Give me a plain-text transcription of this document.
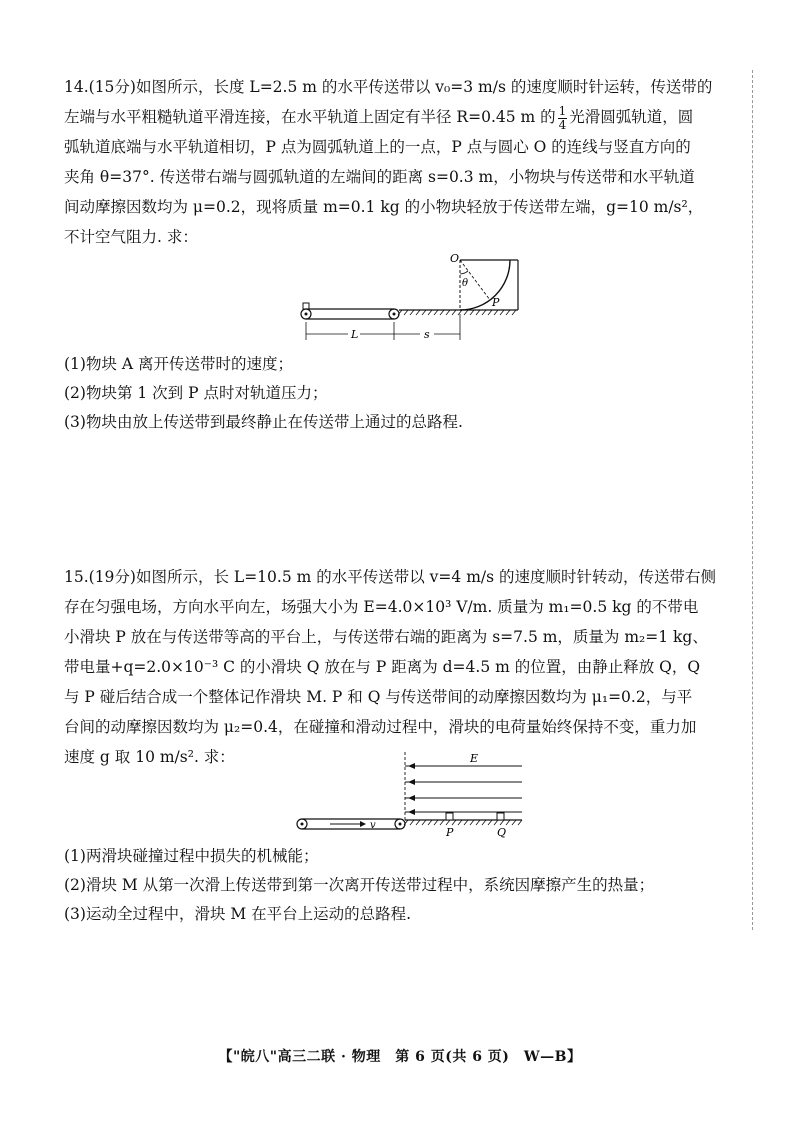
14.(15分)如图所示，长度 L=2.5 m 的水平传送带以 v₀=3 m/s 的速度顺时针运转，传送带的

左端与水平粗糙轨道平滑连接，在水平轨道上固定有半径 R=0.45 m 的 $\frac{1}{4}$ 光滑圆弧轨道，圆

弧轨道底端与水平轨道相切，P 点为圆弧轨道上的一点，P 点与圆心 O 的连线与竖直方向的

夹角 θ=37°. 传送带右端与圆弧轨道的左端间的距离 s=0.3 m，小物块与传送带和水平轨道

间动摩擦因数均为 μ=0.2，现将质量 m=0.1 kg 的小物块轻放于传送带左端，g=10 m/s²，

不计空气阻力. 求：

O
θ
P
L	s

(1)物块 A 离开传送带时的速度；

(2)物块第 1 次到 P 点时对轨道压力；

(3)物块由放上传送带到最终静止在传送带上通过的总路程.

15.(19分)如图所示，长 L=10.5 m 的水平传送带以 v=4 m/s 的速度顺时针转动，传送带右侧

存在匀强电场，方向水平向左，场强大小为 E=4.0×10³ V/m. 质量为 m₁=0.5 kg 的不带电

小滑块 P 放在与传送带等高的平台上，与传送带右端的距离为 s=7.5 m，质量为 m₂=1 kg、

带电量+q=2.0×10⁻³ C 的小滑块 Q 放在与 P 距离为 d=4.5 m 的位置，由静止释放 Q，Q

与 P 碰后结合成一个整体记作滑块 M. P 和 Q 与传送带间的动摩擦因数均为 μ₁=0.2，与平

台间的动摩擦因数均为 μ₂=0.4，在碰撞和滑动过程中，滑块的电荷量始终保持不变，重力加

速度 g 取 10 m/s². 求：	E
v
P	Q

(1)两滑块碰撞过程中损失的机械能；

(2)滑块 M 从第一次滑上传送带到第一次离开传送带过程中，系统因摩擦产生的热量；

(3)运动全过程中，滑块 M 在平台上运动的总路程.

【"皖八"高三二联 · 物理　第 6 页(共 6 页)　W—B】
